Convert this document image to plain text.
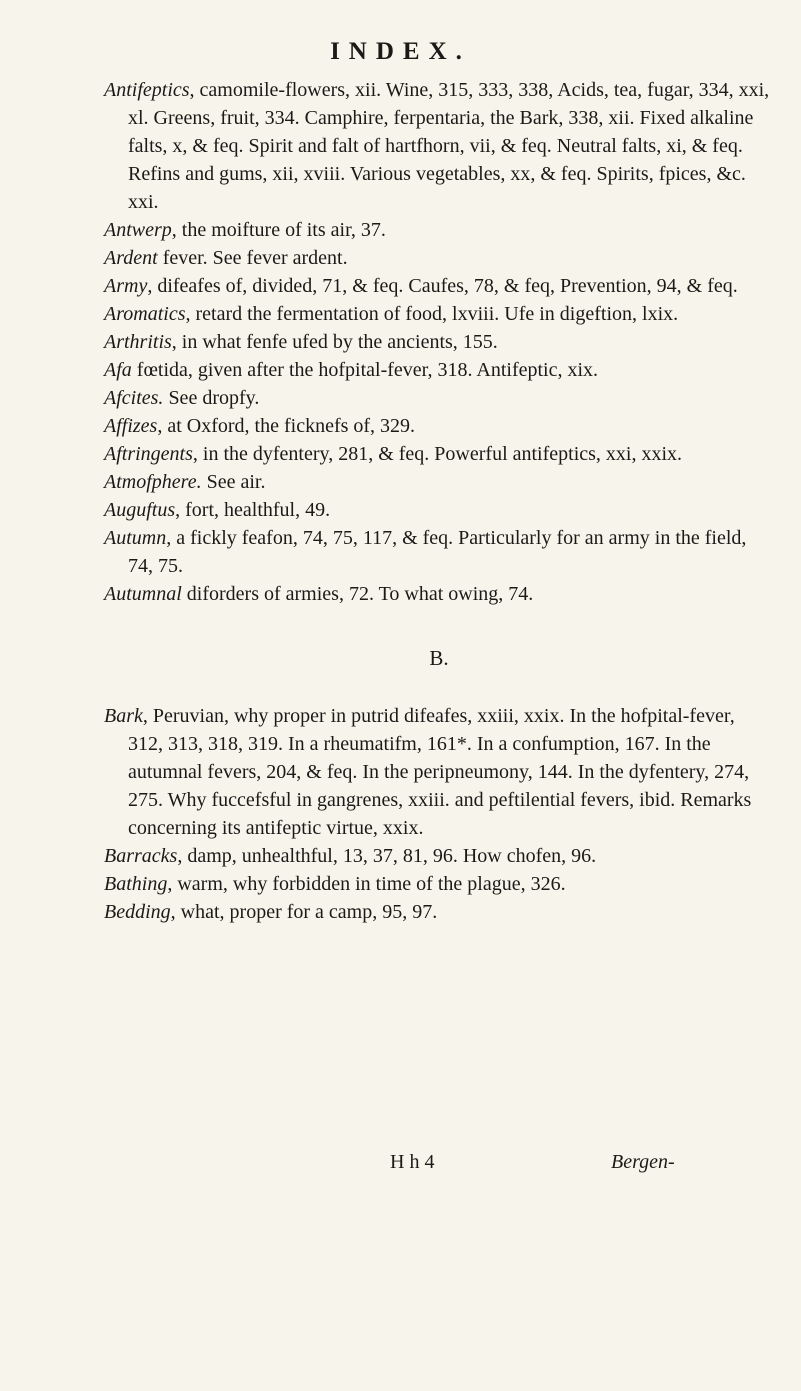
INDEX.

Antifeptics, camomile-flowers, xii. Wine, 315, 333, 338, Acids, tea, fugar, 334, xxi, xl. Greens, fruit, 334. Camphire, ferpentaria, the Bark, 338, xii. Fixed alkaline falts, x, & feq. Spirit and falt of hartfhorn, vii, & feq. Neutral falts, xi, & feq. Refins and gums, xii, xviii. Various vegetables, xx, & feq. Spirits, fpices, &c. xxi.

Antwerp, the moifture of its air, 37.

Ardent fever. See fever ardent.

Army, difeafes of, divided, 71, & feq. Caufes, 78, & feq, Prevention, 94, & feq.

Aromatics, retard the fermentation of food, lxviii. Ufe in digeftion, lxix.

Arthritis, in what fenfe ufed by the ancients, 155.

Afa fœtida, given after the hofpital-fever, 318. Antifeptic, xix.

Afcites. See dropfy.

Affizes, at Oxford, the ficknefs of, 329.

Aftringents, in the dyfentery, 281, & feq. Powerful antifeptics, xxi, xxix.

Atmofphere. See air.

Auguftus, fort, healthful, 49.

Autumn, a fickly feafon, 74, 75, 117, & feq. Particularly for an army in the field, 74, 75.

Autumnal diforders of armies, 72. To what owing, 74.

B.

Bark, Peruvian, why proper in putrid difeafes, xxiii, xxix. In the hofpital-fever, 312, 313, 318, 319. In a rheumatifm, 161*. In a confumption, 167. In the autumnal fevers, 204, & feq. In the peripneumony, 144. In the dyfentery, 274, 275. Why fuccefsful in gangrenes, xxiii. and peftilential fevers, ibid. Remarks concerning its antifeptic virtue, xxix.

Barracks, damp, unhealthful, 13, 37, 81, 96. How chofen, 96.

Bathing, warm, why forbidden in time of the plague, 326.

Bedding, what, proper for a camp, 95, 97.

H h 4	Bergen-
